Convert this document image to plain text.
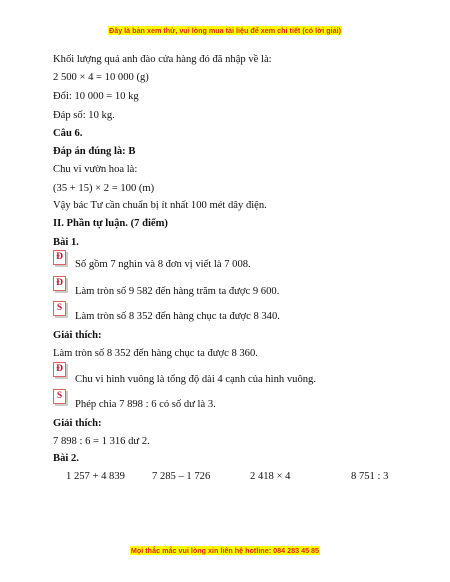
Đây là bản xem thử, vui lòng mua tài liệu để xem chi tiết (có lời giải)
Khối lượng quả anh đào cửa hàng đó đã nhập về là:
2 500 × 4 = 10 000 (g)
Đổi: 10 000 = 10 kg
Đáp số: 10 kg.
Câu 6.
Đáp án đúng là: B
Chu vi vườn hoa là:
(35 + 15) × 2 = 100 (m)
Vậy bác Tư cần chuẩn bị ít nhất 100 mét dây điện.
II. Phần tự luận. (7 điểm)
Bài 1.
Đ
Số gồm 7 nghìn và 8 đơn vị viết là 7 008.
Đ
Làm tròn số 9 582 đến hàng trăm ta được 9 600.
S
Làm tròn số 8 352 đến hàng chục ta được 8 340.
Giải thích:
Làm tròn số 8 352 đến hàng chục ta được 8 360.
Đ
Chu vi hình vuông là tổng độ dài 4 cạnh của hình vuông.
S
Phép chia 7 898 : 6 có số dư là 3.
Giải thích:
7 898 : 6 = 1 316 dư 2.
Bài 2.
1 257 + 4 839	7 285 – 1 726	2 418 × 4	8 751 : 3
Mọi thắc mắc vui lòng xin liên hệ hotline: 084 283 45 85
